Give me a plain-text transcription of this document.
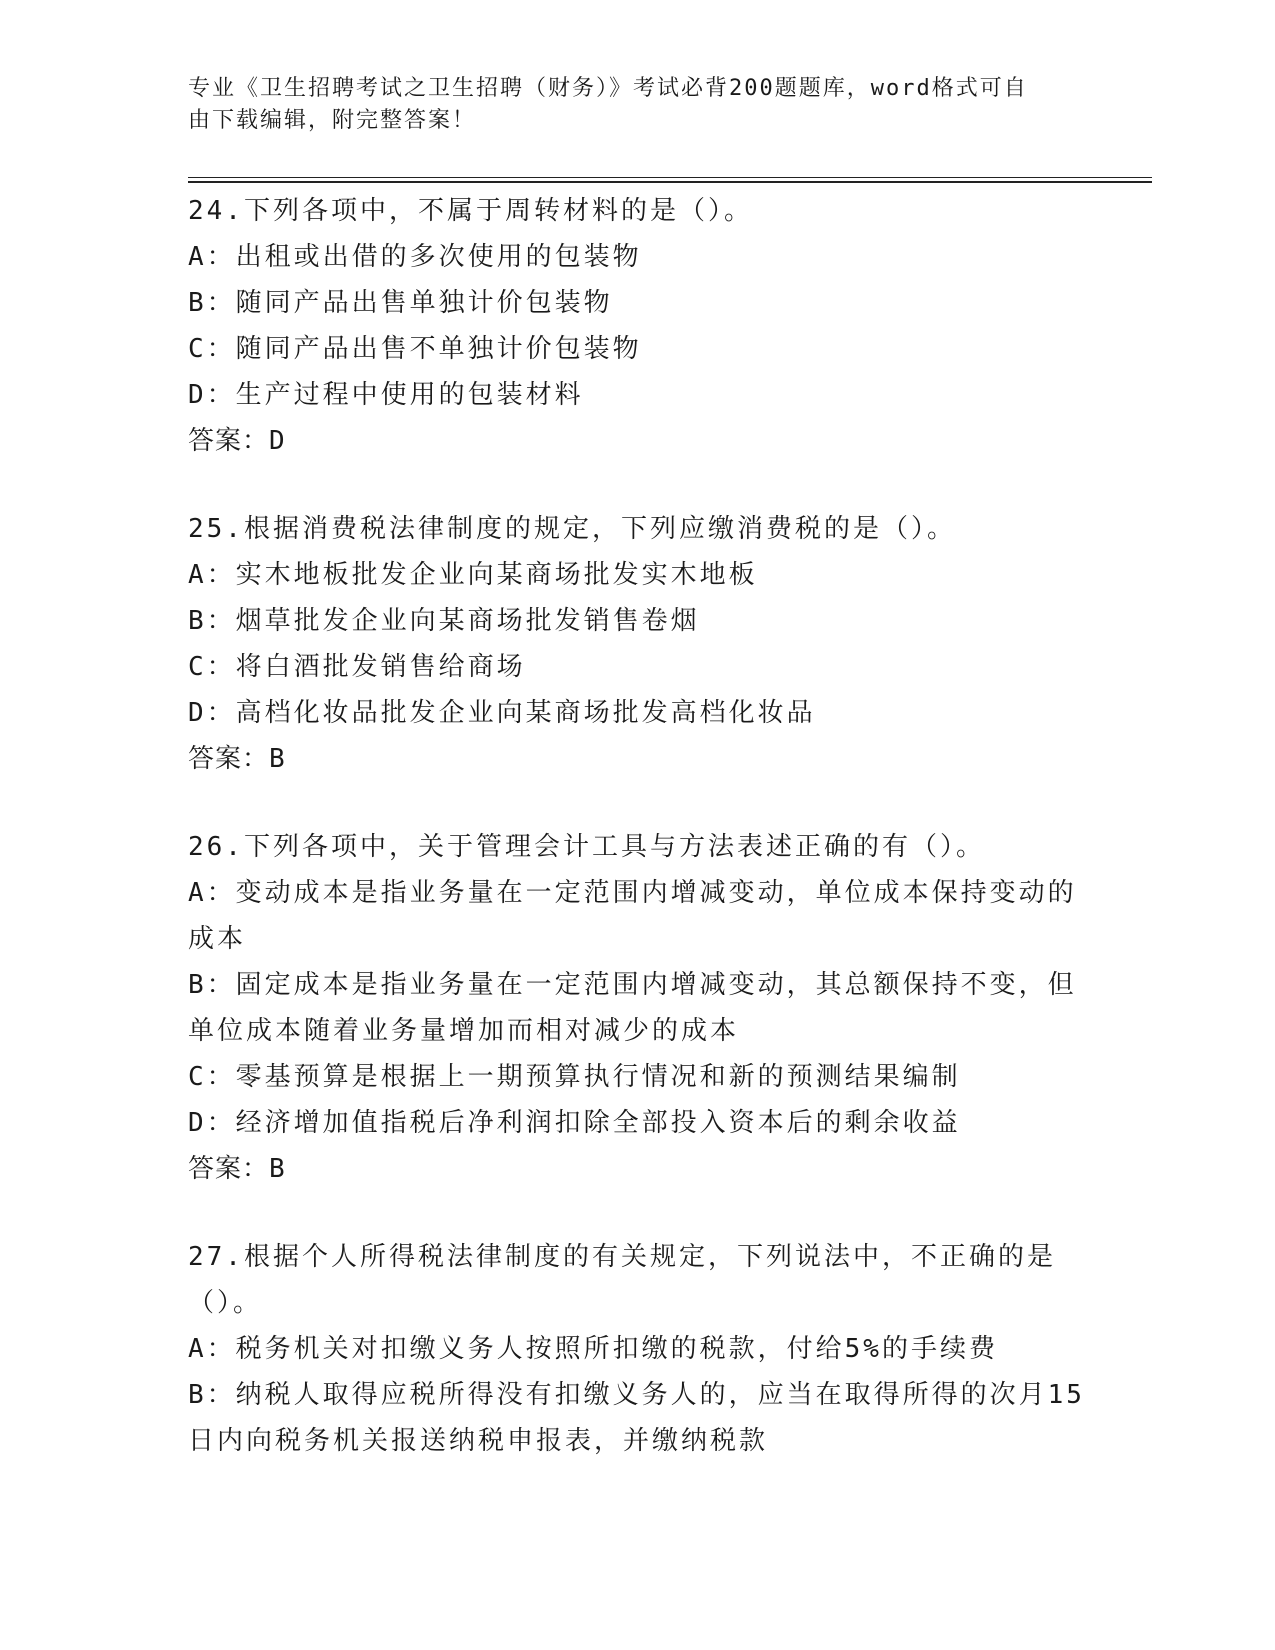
专业《卫生招聘考试之卫生招聘（财务）》考试必背200题题库，word格式可自
由下载编辑，附完整答案！
24.下列各项中，不属于周转材料的是（）。
A：出租或出借的多次使用的包装物
B：随同产品出售单独计价包装物
C：随同产品出售不单独计价包装物
D：生产过程中使用的包装材料
答案：D
25.根据消费税法律制度的规定，下列应缴消费税的是（）。
A：实木地板批发企业向某商场批发实木地板
B：烟草批发企业向某商场批发销售卷烟
C：将白酒批发销售给商场
D：高档化妆品批发企业向某商场批发高档化妆品
答案：B
26.下列各项中，关于管理会计工具与方法表述正确的有（）。
A：变动成本是指业务量在一定范围内增减变动，单位成本保持变动的成本
B：固定成本是指业务量在一定范围内增减变动，其总额保持不变，但单位成本随着业务量增加而相对减少的成本
C：零基预算是根据上一期预算执行情况和新的预测结果编制
D：经济增加值指税后净利润扣除全部投入资本后的剩余收益
答案：B
27.根据个人所得税法律制度的有关规定，下列说法中，不正确的是（）。
A：税务机关对扣缴义务人按照所扣缴的税款，付给5%的手续费
B：纳税人取得应税所得没有扣缴义务人的，应当在取得所得的次月15日内向税务机关报送纳税申报表，并缴纳税款
